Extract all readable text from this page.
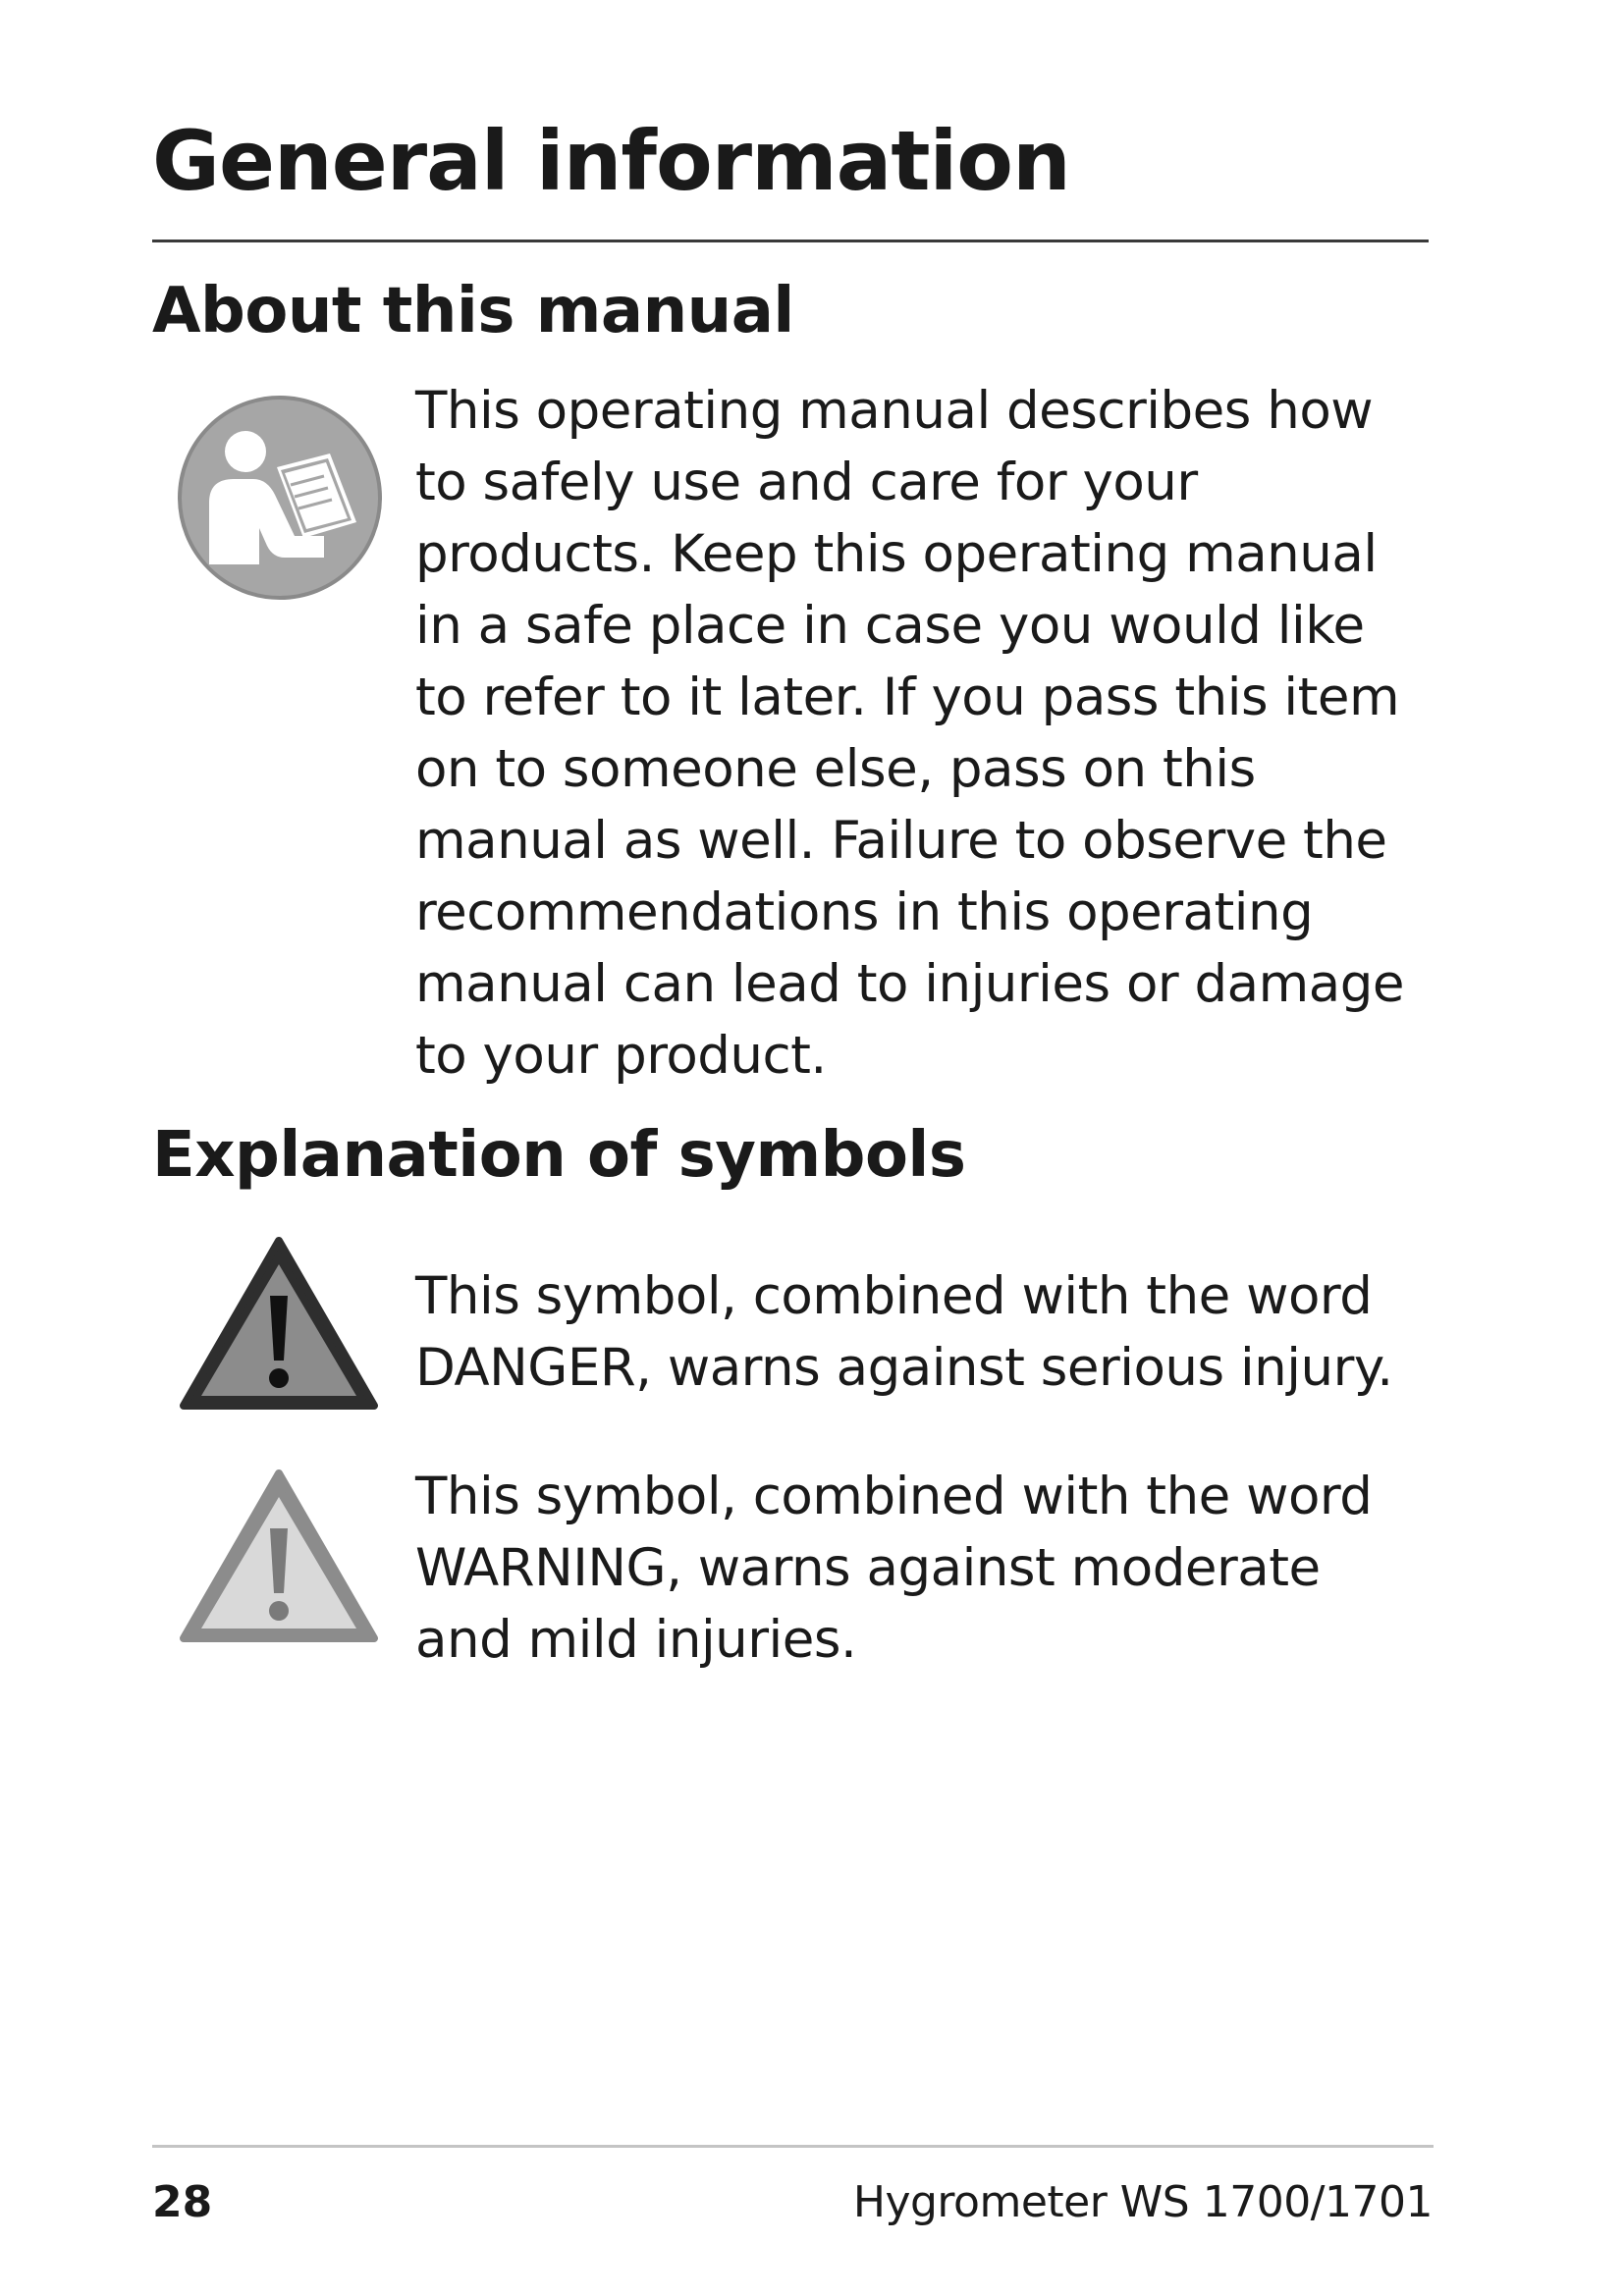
General information
About this manual

This operating manual describes how to safely use and care for your products. Keep this operating manual in a safe place in case you would like to refer to it later. If you pass this item on to someone else, pass on this manual as well. Failure to observe the recommendations in this operating manual can lead to injuries or damage to your product.

Explanation of symbols

This symbol, combined with the word DANGER, warns against serious injury.

This symbol, combined with the word WARNING, warns against moderate and mild injuries.

28	Hygrometer WS 1700/1701
